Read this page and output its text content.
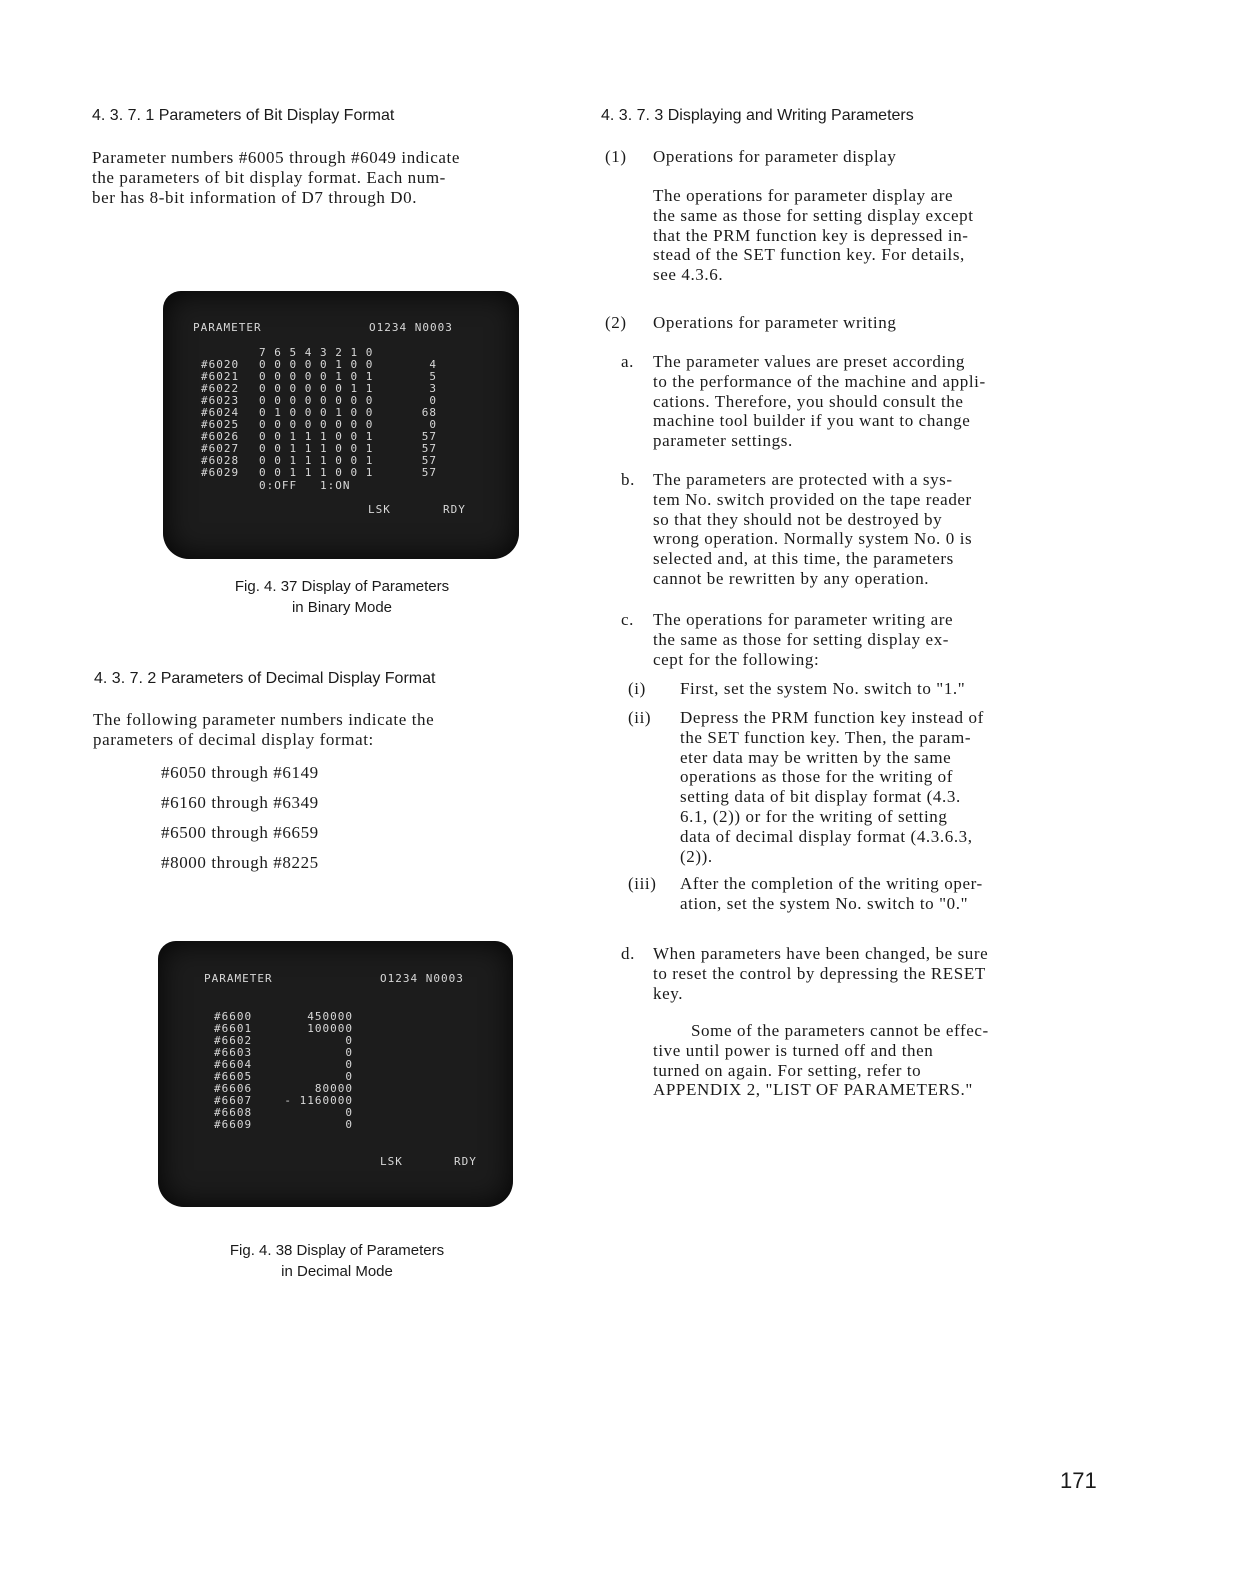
4. 3. 7. 1 Parameters of Bit Display Format
Parameter numbers #6005 through #6049 indicate
the parameters of bit display format. Each num-
ber has 8-bit information of D7 through D0.
PARAMETER	O1234 N0003
7 6 5 4 3 2 1 0
#6020 0 0 0 0 0 1 0 0	4
#6021 0 0 0 0 0 1 0 1	5
#6022 0 0 0 0 0 0 1 1	3
#6023 0 0 0 0 0 0 0 0	0
#6024 0 1 0 0 0 1 0 0	68
#6025 0 0 0 0 0 0 0 0	0
#6026 0 0 1 1 1 0 0 1	57
#6027 0 0 1 1 1 0 0 1	57
#6028 0 0 1 1 1 0 0 1	57
#6029 0 0 1 1 1 0 0 1	57
0:OFF   1:ON
LSK	RDY
Fig. 4. 37 Display of Parameters
in Binary Mode
4. 3. 7. 2 Parameters of Decimal Display Format
The following parameter numbers indicate the
parameters of decimal display format:
#6050 through #6149
#6160 through #6349
#6500 through #6659
#8000 through #8225
PARAMETER	O1234 N0003
#6600	450000
#6601	100000
#6602	0
#6603	0
#6604	0
#6605	0
#6606	80000
#6607	- 1160000
#6608	0
#6609	0
LSK	RDY
Fig. 4. 38 Display of Parameters
in Decimal Mode
4. 3. 7. 3 Displaying and Writing Parameters
(1) Operations for parameter display
The operations for parameter display are
the same as those for setting display except
that the PRM function key is depressed in-
stead of the SET function key. For details,
see 4.3.6.
(2) Operations for parameter writing
a. The parameter values are preset according
to the performance of the machine and appli-
cations. Therefore, you should consult the
machine tool builder if you want to change
parameter settings.
b. The parameters are protected with a sys-
tem No. switch provided on the tape reader
so that they should not be destroyed by
wrong operation. Normally system No. 0 is
selected and, at this time, the parameters
cannot be rewritten by any operation.
c. The operations for parameter writing are
the same as those for setting display ex-
cept for the following:
(i) First, set the system No. switch to "1."
(ii) Depress the PRM function key instead of
the SET function key. Then, the param-
eter data may be written by the same
operations as those for the writing of
setting data of bit display format (4.3.
6.1, (2)) or for the writing of setting
data of decimal display format (4.3.6.3,
(2)).
(iii) After the completion of the writing oper-
ation, set the system No. switch to "0."
d. When parameters have been changed, be sure
to reset the control by depressing the RESET
key.
Some of the parameters cannot be effec-
tive until power is turned off and then
turned on again. For setting, refer to
APPENDIX 2, "LIST OF PARAMETERS."
171
